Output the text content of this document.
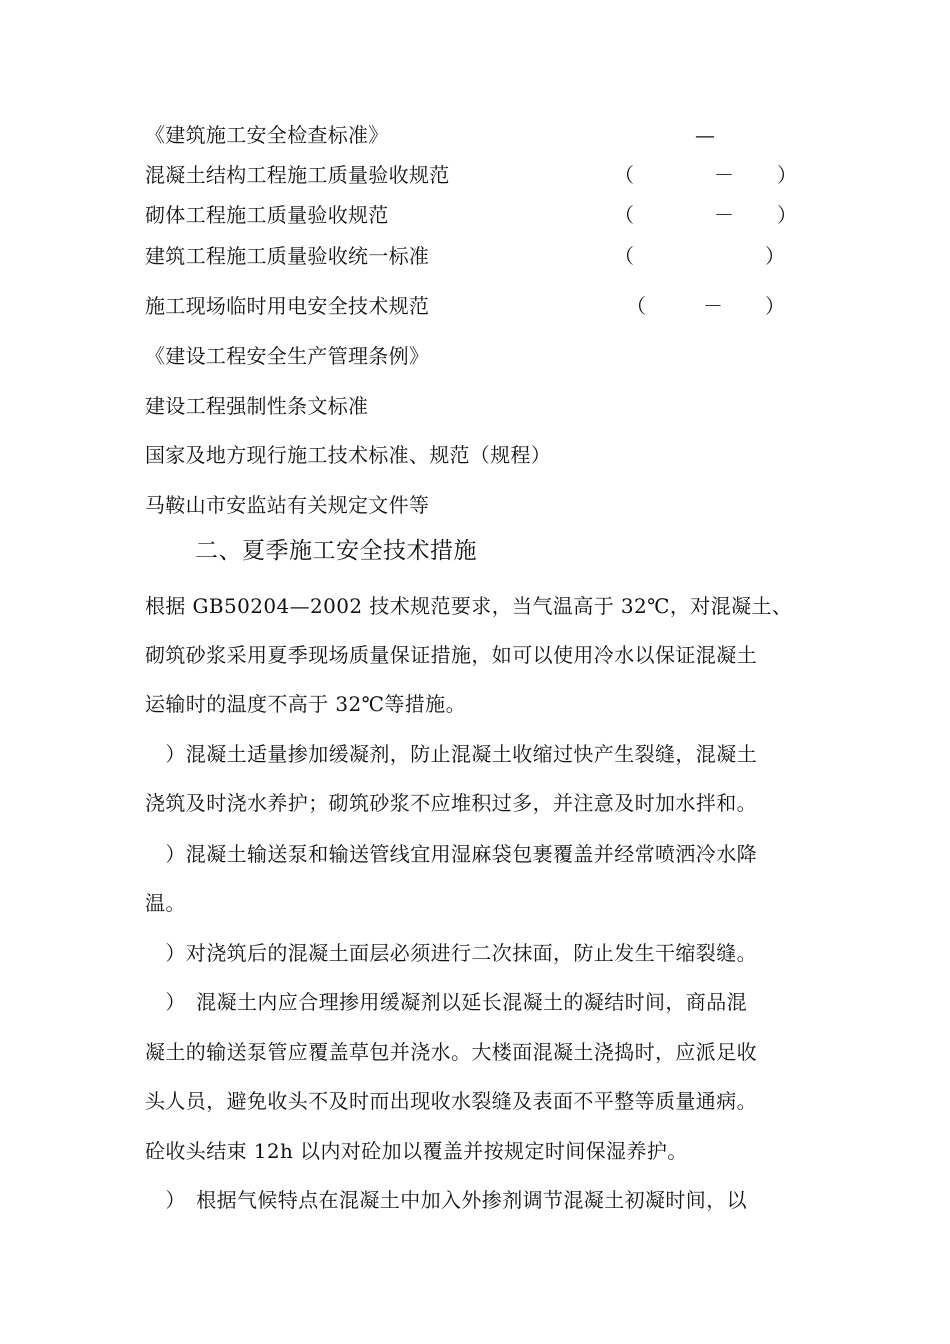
《建筑施工安全检查标准》	—
混凝土结构工程施工质量验收规范	（	－ ）
砌体工程施工质量验收规范	（	－ ）
建筑工程施工质量验收统一标准	（	）
施工现场临时用电安全技术规范	（	－ ）
《建设工程安全生产管理条例》
建设工程强制性条文标准
国家及地方现行施工技术标准、规范（规程）
马鞍山市安监站有关规定文件等
二、夏季施工安全技术措施
根据 GB50204—2002 技术规范要求，当气温高于 32℃，对混凝土、
砌筑砂浆采用夏季现场质量保证措施，如可以使用冷水以保证混凝土
运输时的温度不高于 32℃等措施。
　）混凝土适量掺加缓凝剂，防止混凝土收缩过快产生裂缝，混凝土
浇筑及时浇水养护；砌筑砂浆不应堆积过多，并注意及时加水拌和。
　）混凝土输送泵和输送管线宜用湿麻袋包裹覆盖并经常喷洒冷水降
温。
　）对浇筑后的混凝土面层必须进行二次抹面，防止发生干缩裂缝。
　）　混凝土内应合理掺用缓凝剂以延长混凝土的凝结时间，商品混
凝土的输送泵管应覆盖草包并浇水。大楼面混凝土浇捣时，应派足收
头人员，避免收头不及时而出现收水裂缝及表面不平整等质量通病。
砼收头结束 12h 以内对砼加以覆盖并按规定时间保湿养护。
　）　根据气候特点在混凝土中加入外掺剂调节混凝土初凝时间，以
